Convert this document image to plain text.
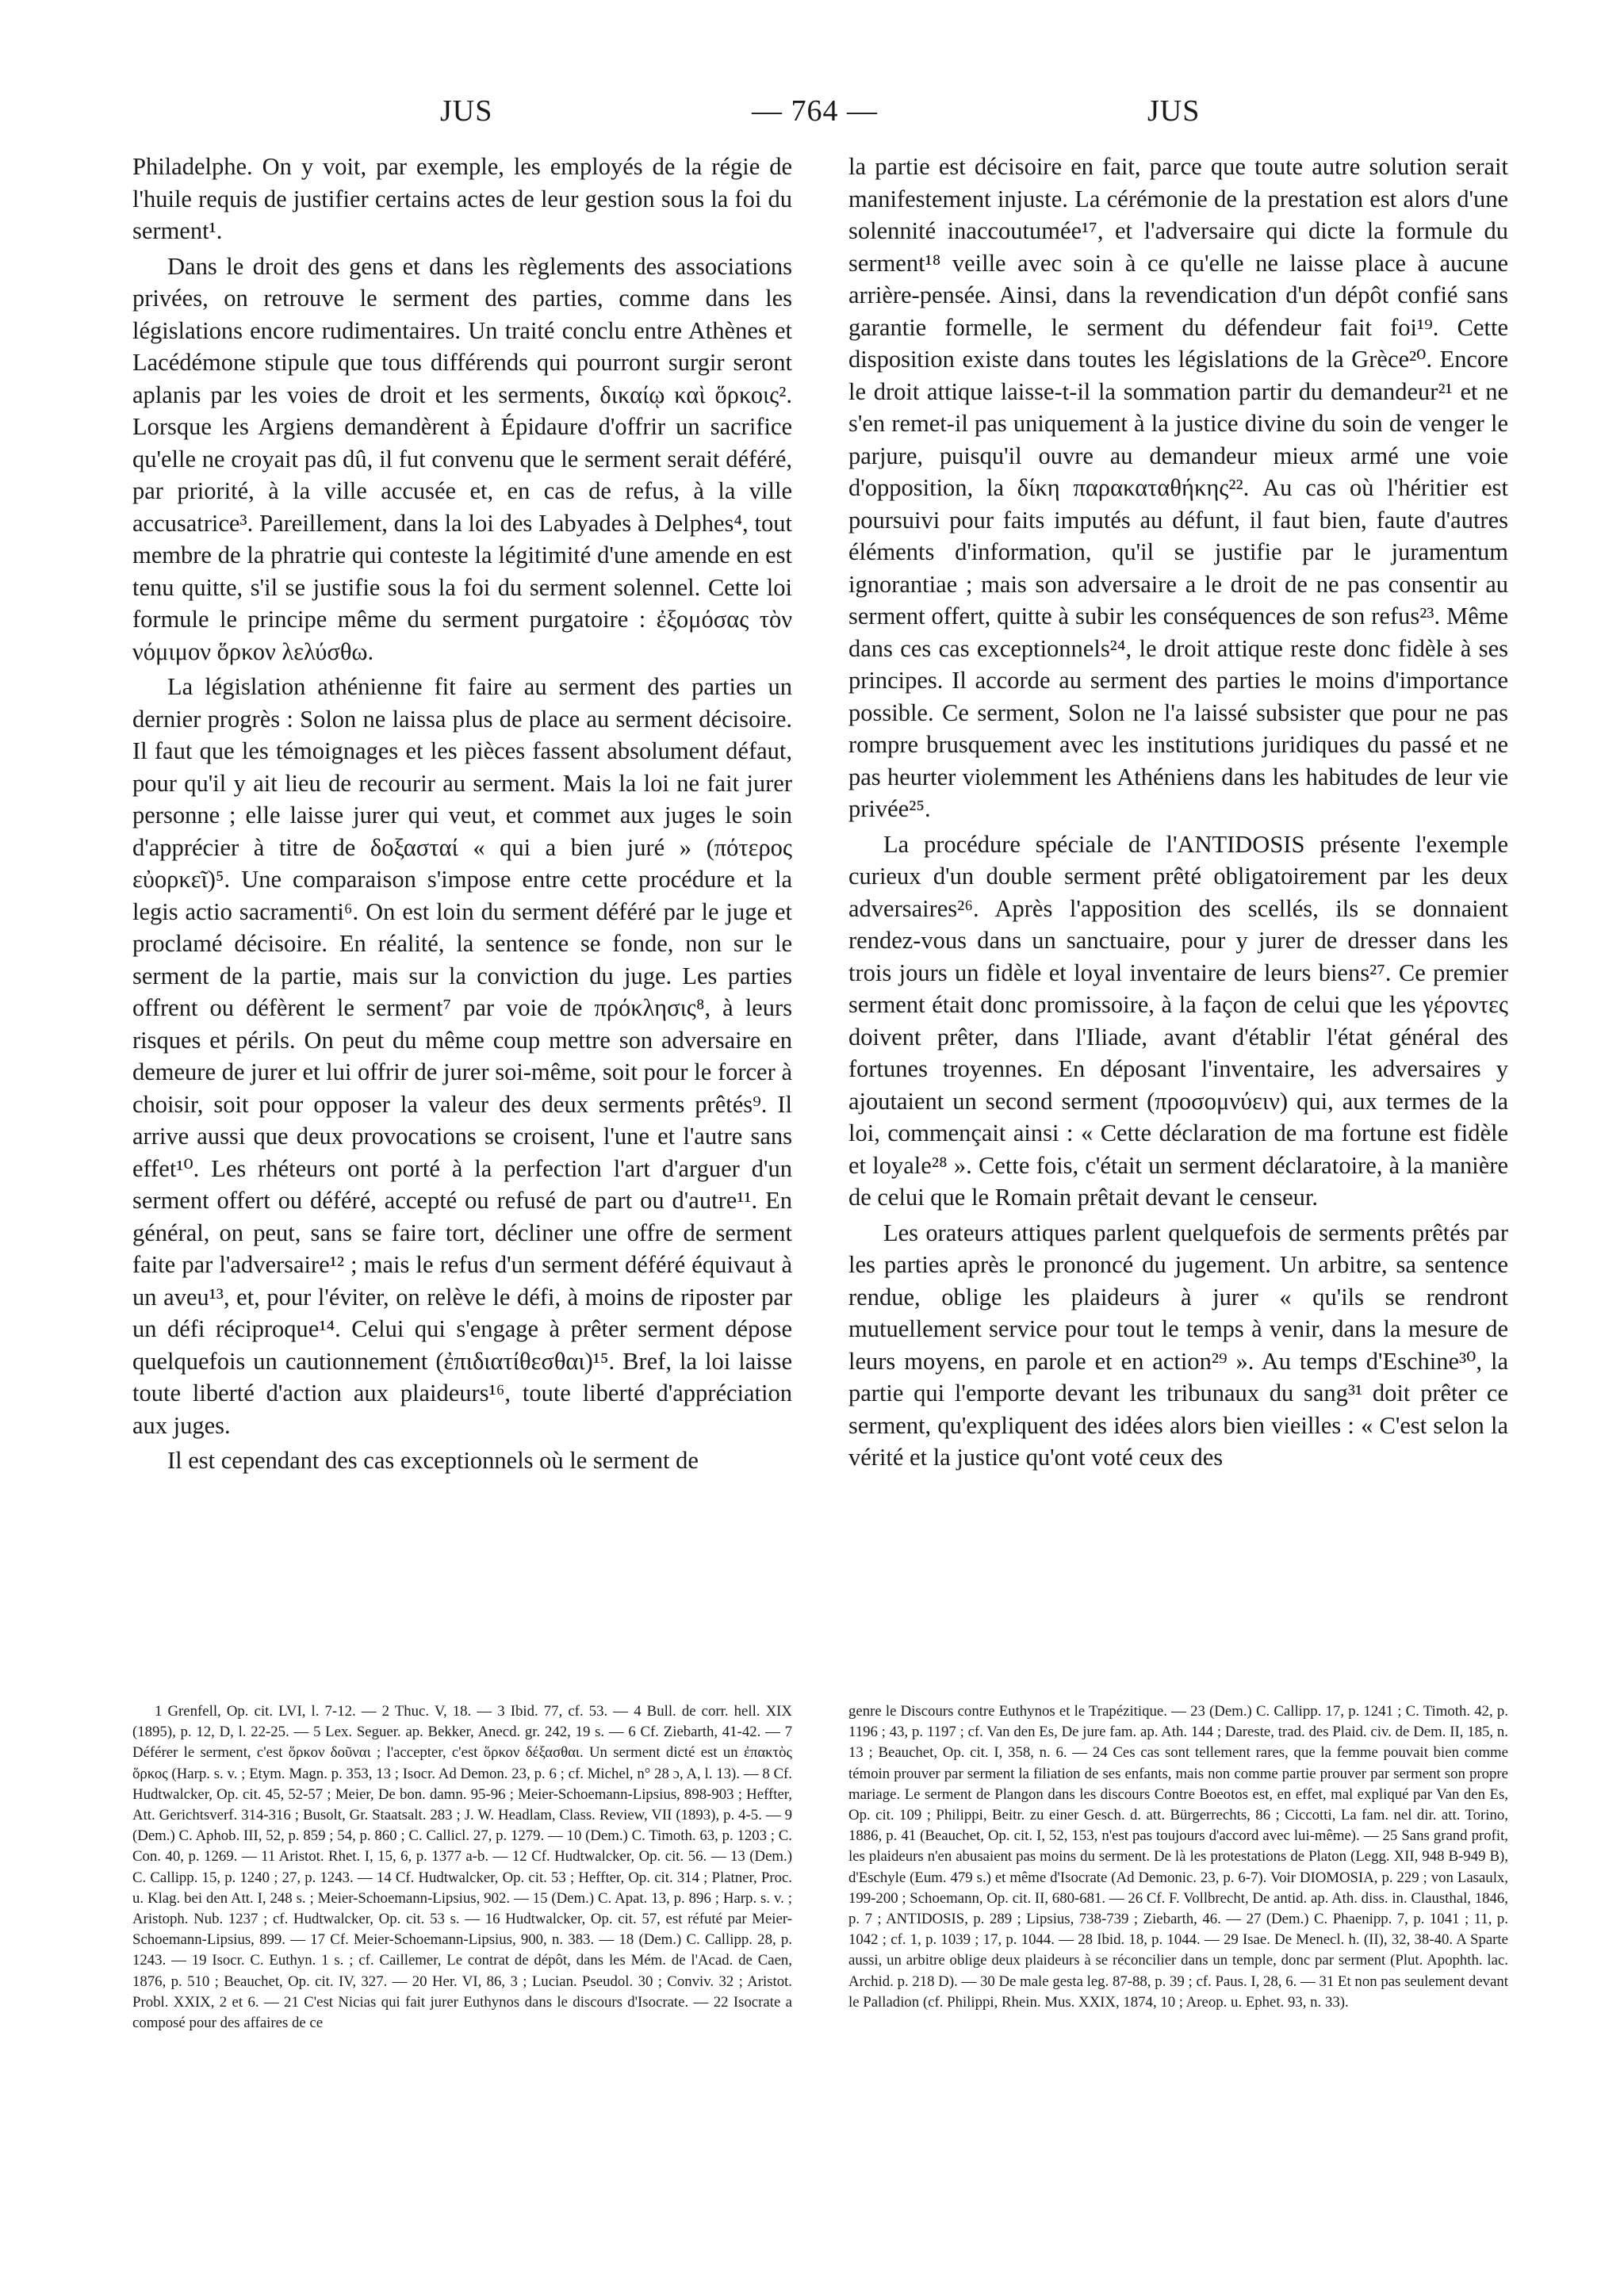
JUS	— 764 —	JUS

Philadelphe. On y voit, par exemple, les employés de la régie de l'huile requis de justifier certains actes de leur gestion sous la foi du serment¹.

Dans le droit des gens et dans les règlements des associations privées, on retrouve le serment des parties, comme dans les législations encore rudimentaires. Un traité conclu entre Athènes et Lacédémone stipule que tous différends qui pourront surgir seront aplanis par les voies de droit et les serments, δικαίῳ καὶ ὅρκοις². Lorsque les Argiens demandèrent à Épidaure d'offrir un sacrifice qu'elle ne croyait pas dû, il fut convenu que le serment serait déféré, par priorité, à la ville accusée et, en cas de refus, à la ville accusatrice³. Pareillement, dans la loi des Labyades à Delphes⁴, tout membre de la phratrie qui conteste la légitimité d'une amende en est tenu quitte, s'il se justifie sous la foi du serment solennel. Cette loi formule le principe même du serment purgatoire : ἐξομόσας τὸν νόμιμον ὅρκον λελύσθω.

La législation athénienne fit faire au serment des parties un dernier progrès : Solon ne laissa plus de place au serment décisoire. Il faut que les témoignages et les pièces fassent absolument défaut, pour qu'il y ait lieu de recourir au serment. Mais la loi ne fait jurer personne ; elle laisse jurer qui veut, et commet aux juges le soin d'apprécier à titre de δοξασταί « qui a bien juré » (πότερος εὐορκεῖ)⁵. Une comparaison s'impose entre cette procédure et la legis actio sacramenti⁶. On est loin du serment déféré par le juge et proclamé décisoire. En réalité, la sentence se fonde, non sur le serment de la partie, mais sur la conviction du juge. Les parties offrent ou défèrent le serment⁷ par voie de πρόκλησις⁸, à leurs risques et périls. On peut du même coup mettre son adversaire en demeure de jurer et lui offrir de jurer soi-même, soit pour le forcer à choisir, soit pour opposer la valeur des deux serments prêtés⁹. Il arrive aussi que deux provocations se croisent, l'une et l'autre sans effet¹⁰. Les rhéteurs ont porté à la perfection l'art d'arguer d'un serment offert ou déféré, accepté ou refusé de part ou d'autre¹¹. En général, on peut, sans se faire tort, décliner une offre de serment faite par l'adversaire¹² ; mais le refus d'un serment déféré équivaut à un aveu¹³, et, pour l'éviter, on relève le défi, à moins de riposter par un défi réciproque¹⁴. Celui qui s'engage à prêter serment dépose quelquefois un cautionnement (ἐπιδιατίθεσθαι)¹⁵. Bref, la loi laisse toute liberté d'action aux plaideurs¹⁶, toute liberté d'appréciation aux juges.

Il est cependant des cas exceptionnels où le serment de

la partie est décisoire en fait, parce que toute autre solution serait manifestement injuste. La cérémonie de la prestation est alors d'une solennité inaccoutumée¹⁷, et l'adversaire qui dicte la formule du serment¹⁸ veille avec soin à ce qu'elle ne laisse place à aucune arrière-pensée. Ainsi, dans la revendication d'un dépôt confié sans garantie formelle, le serment du défendeur fait foi¹⁹. Cette disposition existe dans toutes les législations de la Grèce²⁰. Encore le droit attique laisse-t-il la sommation partir du demandeur²¹ et ne s'en remet-il pas uniquement à la justice divine du soin de venger le parjure, puisqu'il ouvre au demandeur mieux armé une voie d'opposition, la δίκη παρακαταθήκης²². Au cas où l'héritier est poursuivi pour faits imputés au défunt, il faut bien, faute d'autres éléments d'information, qu'il se justifie par le juramentum ignorantiae ; mais son adversaire a le droit de ne pas consentir au serment offert, quitte à subir les conséquences de son refus²³. Même dans ces cas exceptionnels²⁴, le droit attique reste donc fidèle à ses principes. Il accorde au serment des parties le moins d'importance possible. Ce serment, Solon ne l'a laissé subsister que pour ne pas rompre brusquement avec les institutions juridiques du passé et ne pas heurter violemment les Athéniens dans les habitudes de leur vie privée²⁵.

La procédure spéciale de l'ANTIDOSIS présente l'exemple curieux d'un double serment prêté obligatoirement par les deux adversaires²⁶. Après l'apposition des scellés, ils se donnaient rendez-vous dans un sanctuaire, pour y jurer de dresser dans les trois jours un fidèle et loyal inventaire de leurs biens²⁷. Ce premier serment était donc promissoire, à la façon de celui que les γέροντες doivent prêter, dans l'Iliade, avant d'établir l'état général des fortunes troyennes. En déposant l'inventaire, les adversaires y ajoutaient un second serment (προσομνύειν) qui, aux termes de la loi, commençait ainsi : « Cette déclaration de ma fortune est fidèle et loyale²⁸ ». Cette fois, c'était un serment déclaratoire, à la manière de celui que le Romain prêtait devant le censeur.

Les orateurs attiques parlent quelquefois de serments prêtés par les parties après le prononcé du jugement. Un arbitre, sa sentence rendue, oblige les plaideurs à jurer « qu'ils se rendront mutuellement service pour tout le temps à venir, dans la mesure de leurs moyens, en parole et en action²⁹ ». Au temps d'Eschine³⁰, la partie qui l'emporte devant les tribunaux du sang³¹ doit prêter ce serment, qu'expliquent des idées alors bien vieilles : « C'est selon la vérité et la justice qu'ont voté ceux des

1 Grenfell, Op. cit. LVI, l. 7-12. — 2 Thuc. V, 18. — 3 Ibid. 77, cf. 53. — 4 Bull. de corr. hell. XIX (1895), p. 12, D, l. 22-25. — 5 Lex. Seguer. ap. Bekker, Anecd. gr. 242, 19 s. — 6 Cf. Ziebarth, 41-42. — 7 Déférer le serment, c'est ὅρκον δοῦναι ; l'accepter, c'est ὅρκον δέξασθαι. Un serment dicté est un ἐπακτὸς ὅρκος (Harp. s. v. ; Etym. Magn. p. 353, 13 ; Isocr. Ad Demon. 23, p. 6 ; cf. Michel, n° 28 ɔ, A, l. 13). — 8 Cf. Hudtwalcker, Op. cit. 45, 52-57 ; Meier, De bon. damn. 95-96 ; Meier-Schoemann-Lipsius, 898-903 ; Heffter, Att. Gerichtsverf. 314-316 ; Busolt, Gr. Staatsalt. 283 ; J. W. Headlam, Class. Review, VII (1893), p. 4-5. — 9 (Dem.) C. Aphob. III, 52, p. 859 ; 54, p. 860 ; C. Callicl. 27, p. 1279. — 10 (Dem.) C. Timoth. 63, p. 1203 ; C. Con. 40, p. 1269. — 11 Aristot. Rhet. I, 15, 6, p. 1377 a-b. — 12 Cf. Hudtwalcker, Op. cit. 56. — 13 (Dem.) C. Callipp. 15, p. 1240 ; 27, p. 1243. — 14 Cf. Hudtwalcker, Op. cit. 53 ; Heffter, Op. cit. 314 ; Platner, Proc. u. Klag. bei den Att. I, 248 s. ; Meier-Schoemann-Lipsius, 902. — 15 (Dem.) C. Apat. 13, p. 896 ; Harp. s. v. ; Aristoph. Nub. 1237 ; cf. Hudtwalcker, Op. cit. 53 s. — 16 Hudtwalcker, Op. cit. 57, est réfuté par Meier-Schoemann-Lipsius, 899. — 17 Cf. Meier-Schoemann-Lipsius, 900, n. 383. — 18 (Dem.) C. Callipp. 28, p. 1243. — 19 Isocr. C. Euthyn. 1 s. ; cf. Caillemer, Le contrat de dépôt, dans les Mém. de l'Acad. de Caen, 1876, p. 510 ; Beauchet, Op. cit. IV, 327. — 20 Her. VI, 86, 3 ; Lucian. Pseudol. 30 ; Conviv. 32 ; Aristot. Probl. XXIX, 2 et 6. — 21 C'est Nicias qui fait jurer Euthynos dans le discours d'Isocrate. — 22 Isocrate a composé pour des affaires de ce

genre le Discours contre Euthynos et le Trapézitique. — 23 (Dem.) C. Callipp. 17, p. 1241 ; C. Timoth. 42, p. 1196 ; 43, p. 1197 ; cf. Van den Es, De jure fam. ap. Ath. 144 ; Dareste, trad. des Plaid. civ. de Dem. II, 185, n. 13 ; Beauchet, Op. cit. I, 358, n. 6. — 24 Ces cas sont tellement rares, que la femme pouvait bien comme témoin prouver par serment la filiation de ses enfants, mais non comme partie prouver par serment son propre mariage. Le serment de Plangon dans les discours Contre Boeotos est, en effet, mal expliqué par Van den Es, Op. cit. 109 ; Philippi, Beitr. zu einer Gesch. d. att. Bürgerrechts, 86 ; Ciccotti, La fam. nel dir. att. Torino, 1886, p. 41 (Beauchet, Op. cit. I, 52, 153, n'est pas toujours d'accord avec lui-même). — 25 Sans grand profit, les plaideurs n'en abusaient pas moins du serment. De là les protestations de Platon (Legg. XII, 948 B-949 B), d'Eschyle (Eum. 479 s.) et même d'Isocrate (Ad Demonic. 23, p. 6-7). Voir DIOMOSIA, p. 229 ; von Lasaulx, 199-200 ; Schoemann, Op. cit. II, 680-681. — 26 Cf. F. Vollbrecht, De antid. ap. Ath. diss. in. Clausthal, 1846, p. 7 ; ANTIDOSIS, p. 289 ; Lipsius, 738-739 ; Ziebarth, 46. — 27 (Dem.) C. Phaenipp. 7, p. 1041 ; 11, p. 1042 ; cf. 1, p. 1039 ; 17, p. 1044. — 28 Ibid. 18, p. 1044. — 29 Isae. De Menecl. h. (II), 32, 38-40. A Sparte aussi, un arbitre oblige deux plaideurs à se réconcilier dans un temple, donc par serment (Plut. Apophth. lac. Archid. p. 218 D). — 30 De male gesta leg. 87-88, p. 39 ; cf. Paus. I, 28, 6. — 31 Et non pas seulement devant le Palladion (cf. Philippi, Rhein. Mus. XXIX, 1874, 10 ; Areop. u. Ephet. 93, n. 33).
